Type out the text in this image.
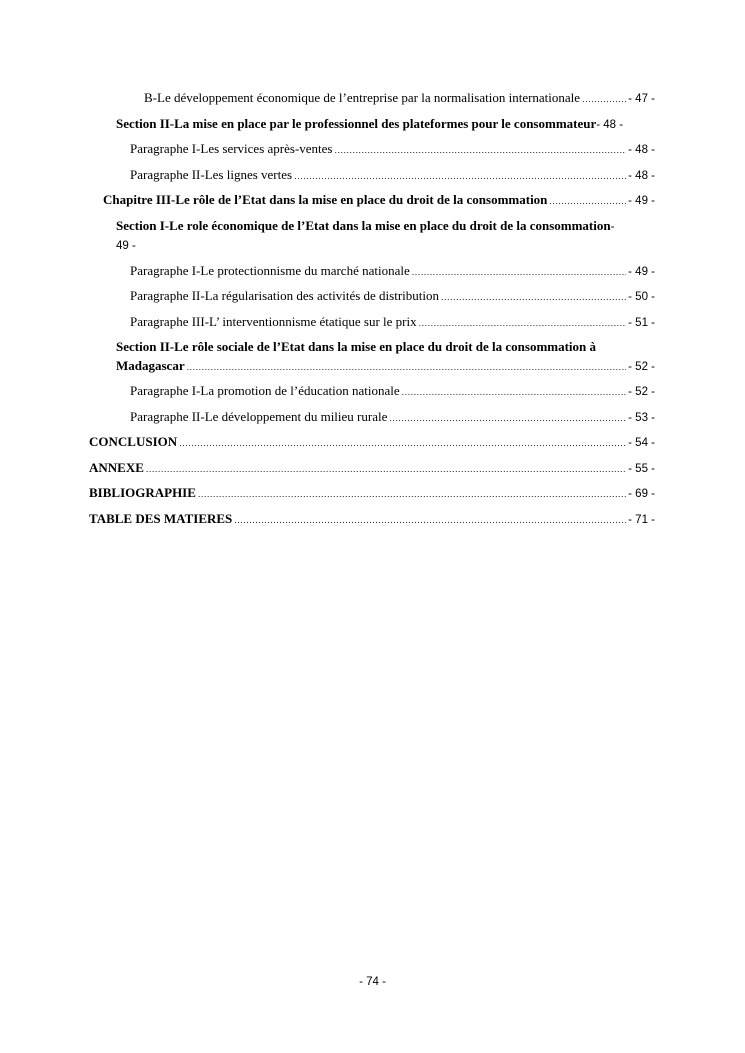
B-Le développement économique de l’entreprise par la normalisation internationale .....	- 47 -
Section II-La mise en place par le professionnel des plateformes pour le consommateur - 48 -
Paragraphe I-Les services après-ventes .....	- 48 -
Paragraphe II-Les lignes vertes .....	- 48 -
Chapitre III-Le rôle de l’Etat dans la mise en place du droit de la consommation .....	- 49 -
Section I-Le role économique de l’Etat dans la mise en place du droit de la consommation -
49 -
Paragraphe I-Le protectionnisme du marché nationale .....	- 49 -
Paragraphe II-La régularisation des activités de distribution .....	- 50 -
Paragraphe III-L’ interventionnisme étatique sur le prix .....	- 51 -
Section II-Le rôle sociale de l’Etat dans la mise en place du droit de la consommation à
Madagascar .....	- 52 -
Paragraphe I-La promotion de l’éducation nationale .....	- 52 -
Paragraphe II-Le développement du milieu rurale .....	- 53 -
CONCLUSION .....	- 54 -
ANNEXE .....	- 55 -
BIBLIOGRAPHIE .....	- 69 -
TABLE DES MATIERES .....	- 71 -
- 74 -
